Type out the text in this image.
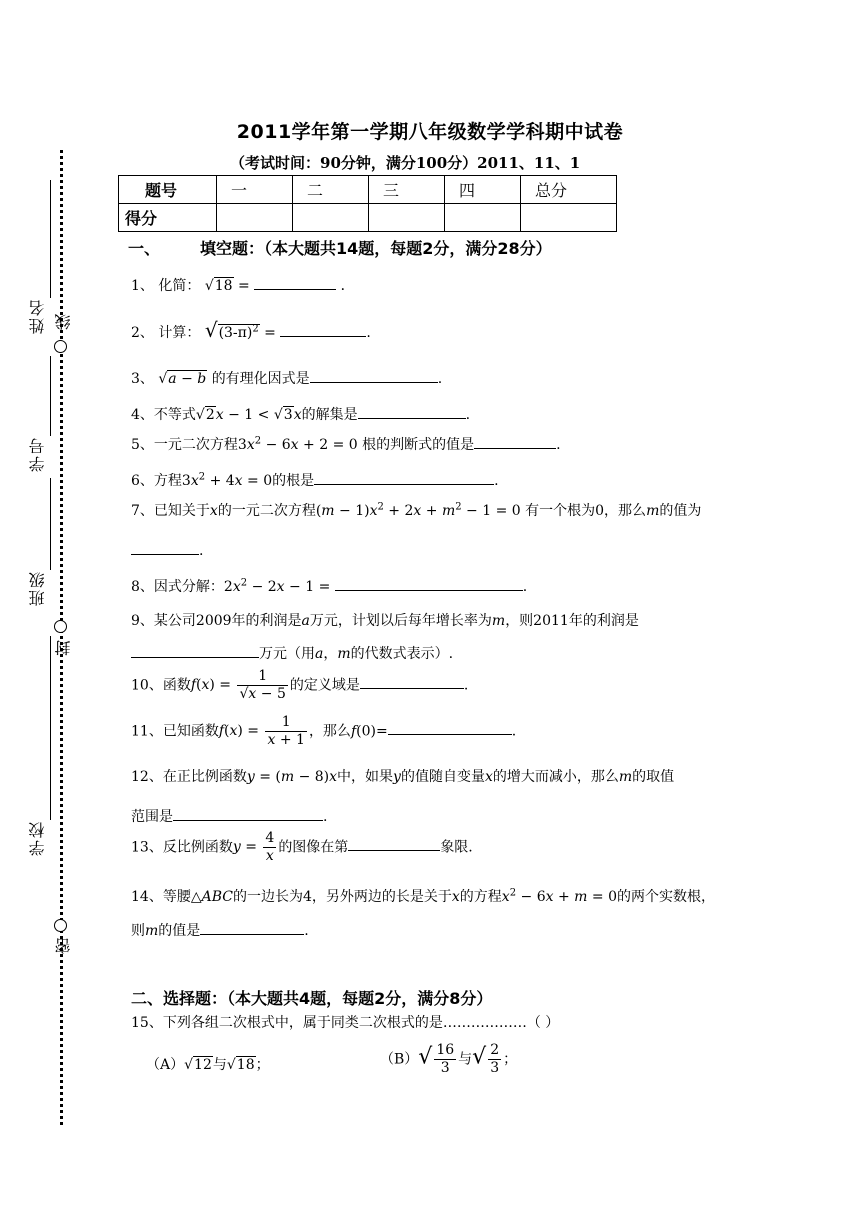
姓名 线
学号
班级
封
学校
密
2011学年第一学期八年级数学学科期中试卷
（考试时间：90分钟，满分100分）2011、11、1
题号	一	二	三	四	总分
得分					
一、	填空题：（本大题共14题，每题2分，满分28分）
1、 化简： √18 =	．
2、 计算： $√(3-\pi)^2$ =	.
3、 √a − b 的有理化因式是	.
4、不等式√2x − 1 < √3x的解集是	.
5、一元二次方程$3x^2 - 6x + 2 = 0$ 根的判断式的值是	.
6、方程$3x^2 + 4x = 0$的根是	.
7、已知关于x的一元二次方程$(m - 1)x^2 + 2x + m^2 - 1 = 0$ 有一个根为0，那么m的值为
.
8、因式分解：$2x^2 - 2x - 1$ =	.
9、某公司2009年的利润是a万元，计划以后每年增长率为m，则2011年的利润是
万元（用a，m的代数式表示）.
10、函数$f(x) = \frac{1}{√x - 5}$ 的定义域是	.
11、已知函数$f(x) = \frac{1}{x + 1}$ ，那么f(0)=	.
12、在正比例函数y = (m − 8)x中，如果y的值随自变量x的增大而减小，那么m的取值
范围是	.
13、反比例函数$y = \frac{4}{x}$ 的图像在第	象限.
14、等腰△ABC的一边长为4，另外两边的长是关于x的方程$x^2 - 6x + m = 0$的两个实数根，
则m的值是	.
二、选择题：（本大题共4题，每题2分，满分8分）
15、下列各组二次根式中，属于同类二次根式的是………………（ ）
（A）√12与√18；	$(B)√ \frac{16}{3}$ 与√ $\frac{2}{3}$ ；
